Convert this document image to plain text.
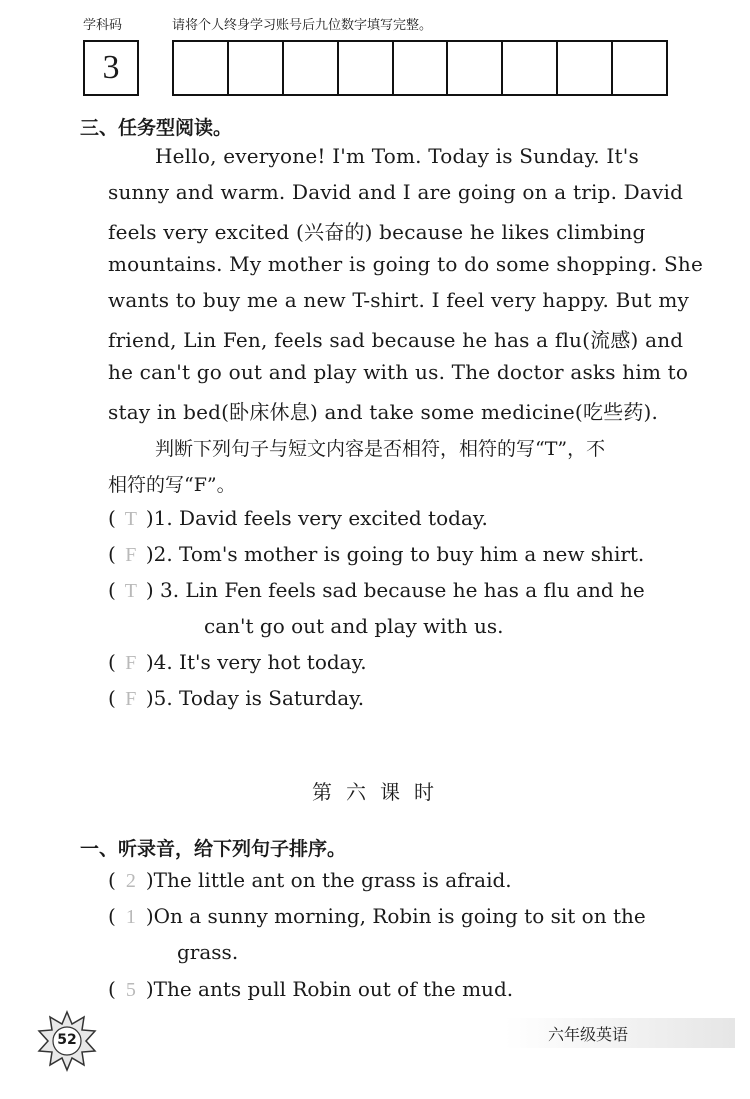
学科码	请将个人终身学习账号后九位数字填写完整。
3
三、任务型阅读。
Hello, everyone! I'm Tom. Today is Sunday. It's
sunny and warm. David and I are going on a trip. David
feels very excited (兴奋的) because he likes climbing
mountains. My mother is going to do some shopping. She
wants to buy me a new T-shirt. I feel very happy. But my
friend, Lin Fen, feels sad because he has a flu(流感) and
he can't go out and play with us. The doctor asks him to
stay in bed(卧床休息) and take some medicine(吃些药).
判断下列句子与短文内容是否相符，相符的写“T”，不
相符的写“F”。
( T )1. David feels very excited today.
( F )2. Tom's mother is going to buy him a new shirt.
( T ) 3. Lin Fen feels sad because he has a flu and he
can't go out and play with us.
( F )4. It's very hot today.
( F )5. Today is Saturday.
第六课时
一、听录音，给下列句子排序。
( 2 )The little ant on the grass is afraid.
( 1 )On a sunny morning, Robin is going to sit on the
grass.
( 5 )The ants pull Robin out of the mud.
52	六年级英语
